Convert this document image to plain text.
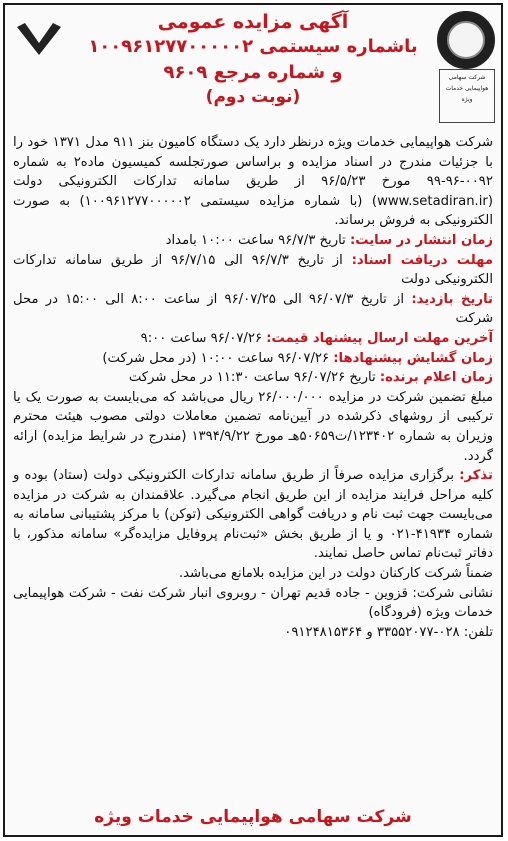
شرکت سهامی هواپیمایی خدمات ویژه
آگهی مزایده عمومی
باشماره سیستمی ۱۰۰۹۶۱۲۷۷۰۰۰۰۰۲
و شماره مرجع ۹۶۰۹
(نوبت دوم)

شرکت هواپیمایی خدمات ویژه درنظر دارد یک دستگاه کامیون بنز ۹۱۱ مدل ۱۳۷۱ خود را با جزئیات مندرج در اسناد مزایده و براساس صورتجلسه کمیسیون ماده۲ به شماره ۰۰۹۲-۹۶-۹۹ مورخ ۹۶/۵/۲۳ از طریق سامانه تدارکات الکترونیکی دولت (www.setadiran.ir) (با شماره مزایده سیستمی ۱۰۰۹۶۱۲۷۷۰۰۰۰۰۲) به صورت الکترونیکی به فروش برساند.

زمان انتشار در سایت: تاریخ ۹۶/۷/۳ ساعت ۱۰:۰۰ بامداد

مهلت دریافت اسناد: از تاریخ ۹۶/۷/۳ الی ۹۶/۷/۱۵ از طریق سامانه تدارکات الکترونیکی دولت

تاریخ بازدید: از تاریخ ۹۶/۰۷/۳ الی ۹۶/۰۷/۲۵ از ساعت ۸:۰۰ الی ۱۵:۰۰ در محل شرکت

آخرین مهلت ارسال پیشنهاد قیمت: ۹۶/۰۷/۲۶ ساعت ۹:۰۰

زمان گشایش پیشنهادها: ۹۶/۰۷/۲۶ ساعت ۱۰:۰۰ (در محل شرکت)

زمان اعلام برنده: تاریخ ۹۶/۰۷/۲۶ ساعت ۱۱:۳۰ در محل شرکت

مبلغ تضمین شرکت در مزایده ۲۶/۰۰۰/۰۰۰ ریال می‌باشد که می‌بایست به صورت یک یا ترکیبی از روشهای ذکرشده در آیین‌نامه تضمین معاملات دولتی مصوب هیئت محترم وزیران به شماره ۱۲۳۴۰۲/ت۵۰۶۵۹هـ مورخ ۱۳۹۴/۹/۲۲ (مندرج در شرایط مزایده) ارائه گردد.

تذکر: برگزاری مزایده صرفاً از طریق سامانه تدارکات الکترونیکی دولت (ستاد) بوده و کلیه مراحل فرایند مزایده از این طریق انجام می‌گیرد. علاقمندان به شرکت در مزایده می‌بایست جهت ثبت نام و دریافت گواهی الکترونیکی (توکن) با مرکز پشتیبانی سامانه به شماره ۴۱۹۳۴-۰۲۱ و یا از طریق بخش «ثبت‌نام پروفایل مزایده‌گر» سامانه مذکور، با دفاتر ثبت‌نام تماس حاصل نمایند.

ضمناً شرکت کارکنان دولت در این مزایده بلامانع می‌باشد.

نشانی شرکت: قزوین - جاده قدیم تهران - روبروی انبار شرکت نفت - شرکت هواپیمایی خدمات ویژه (فرودگاه)

تلفن: ۰۲۸-۳۳۵۵۲۰۷۷ و ۰۹۱۲۴۸۱۵۳۶۴

شرکت سهامی هواپیمایی خدمات ویژه
